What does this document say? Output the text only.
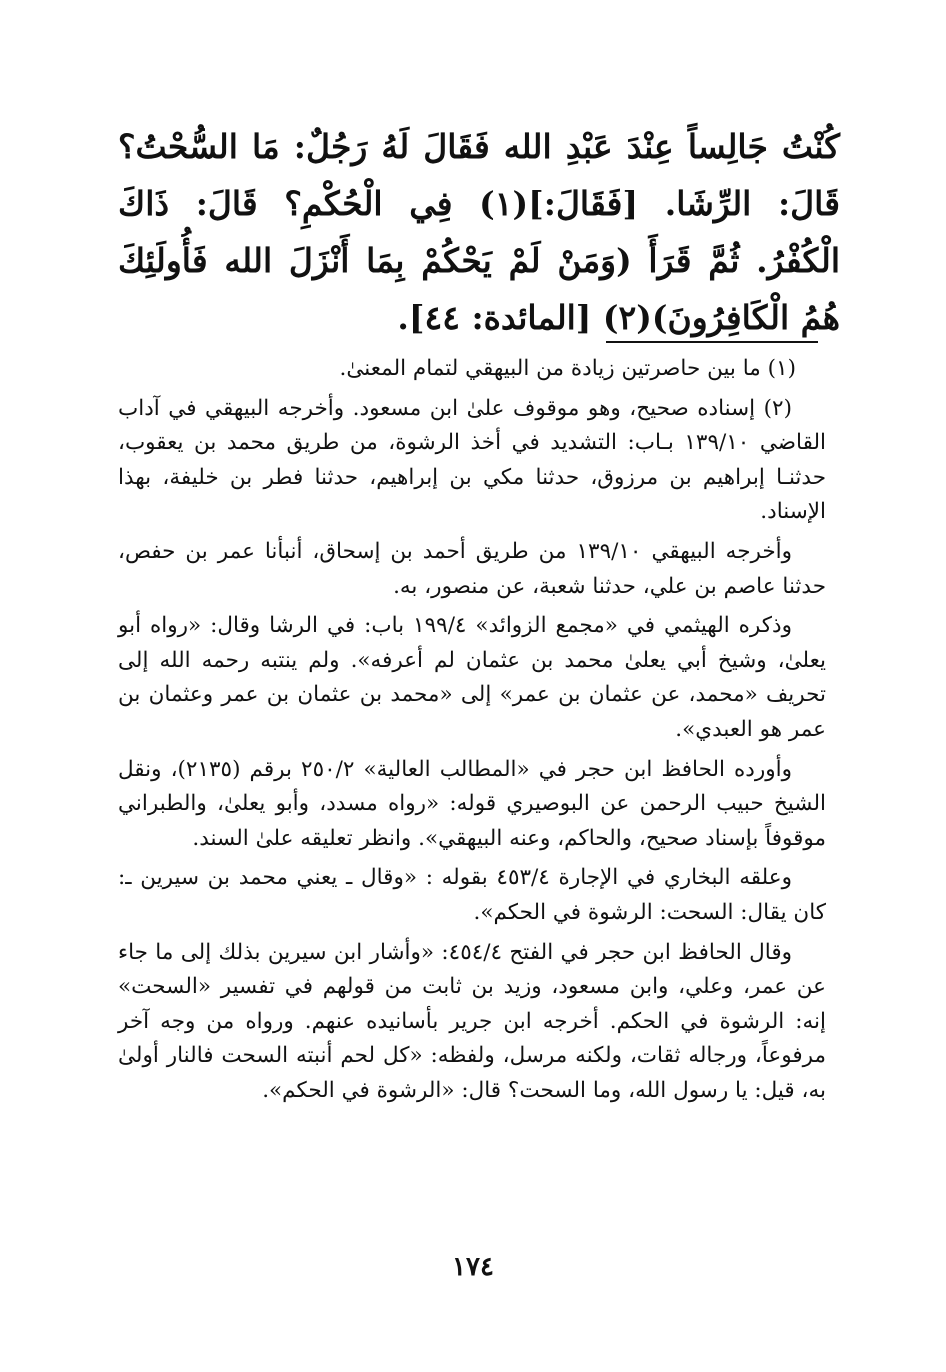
كُنْتُ جَالِساً عِنْدَ عَبْدِ الله فَقَالَ لَهُ رَجُلٌ: مَا السُّحْتُ؟ قَالَ: الرِّشَا. [فَقَالَ:](١) فِي الْحُكْمِ؟ قَالَ: ذَاكَ الْكُفْرُ. ثُمَّ قَرَأَ (وَمَنْ لَمْ يَحْكُمْ بِمَا أَنْزَلَ الله فَأُولَئِكَ هُمُ الْكَافِرُونَ)(٢) [المائدة: ٤٤].

(١) ما بين حاصرتين زيادة من البيهقي لتمام المعنىٰ.

(٢) إسناده صحيح، وهو موقوف علىٰ ابن مسعود. وأخرجه البيهقي في آداب القاضي ١٣٩/١٠ بـاب: التشديد في أخذ الرشوة، من طريق محمد بن يعقوب، حدثنـا إبراهيم بن مرزوق، حدثنا مكي بن إبراهيم، حدثنا فطر بن خليفة، بهذا الإسناد.

وأخرجه البيهقي ١٣٩/١٠ من طريق أحمد بن إسحاق، أنبأنا عمر بن حفص، حدثنا عاصم بن علي، حدثنا شعبة، عن منصور، به.

وذكره الهيثمي في «مجمع الزوائد» ١٩٩/٤ باب: في الرشا وقال: «رواه أبو يعلىٰ، وشيخ أبي يعلىٰ محمد بن عثمان لم أعرفه». ولم ينتبه رحمه الله إلى تحريف «محمد، عن عثمان بن عمر» إلى «محمد بن عثمان بن عمر وعثمان بن عمر هو العبدي».

وأورده الحافظ ابن حجر في «المطالب العالية» ٢٥٠/٢ برقم (٢١٣٥)، ونقل الشيخ حبيب الرحمن عن البوصيري قوله: «رواه مسدد، وأبو يعلىٰ، والطبراني موقوفاً بإسناد صحيح، والحاكم، وعنه البيهقي». وانظر تعليقه علىٰ السند.

وعلقه البخاري في الإجارة ٤٥٣/٤ بقوله : «وقال ـ يعني محمد بن سيرين ـ: كان يقال: السحت: الرشوة في الحكم».

وقال الحافظ ابن حجر في الفتح ٤٥٤/٤: «وأشار ابن سيرين بذلك إلى ما جاء عن عمر، وعلي، وابن مسعود، وزيد بن ثابت من قولهم في تفسير «السحت» إنه: الرشوة في الحكم. أخرجه ابن جرير بأسانيده عنهم. ورواه من وجه آخر مرفوعاً، ورجاله ثقات، ولكنه مرسل، ولفظه: «كل لحم أنبته السحت فالنار أولىٰ به، قيل: يا رسول الله، وما السحت؟ قال: «الرشوة في الحكم».

١٧٤
